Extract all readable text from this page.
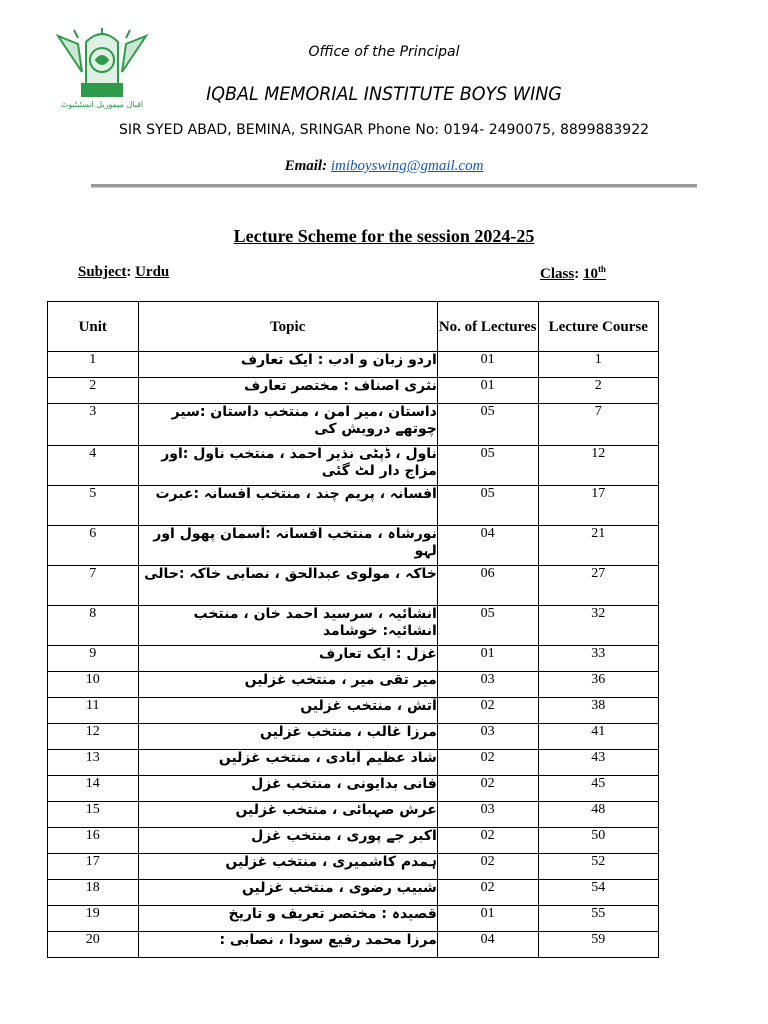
اقبال میموریل انسٹیٹیوٹ
Office of the Principal
IQBAL MEMORIAL INSTITUTE BOYS WING
SIR SYED ABAD, BEMINA, SRINGAR Phone No: 0194- 2490075, 8899883922
Email: imiboyswing@gmail.com
Lecture Scheme for the session 2024-25
Subject: Urdu	Class: 10th
Unit	Topic	No. of Lectures	Lecture Course
1	اردو زبان و ادب : ایک تعارف	01	1
2	نثری اصناف : مختصر تعارف	01	2
3	داستان ،میر امن ، منتخب داستان :سیر چوتھے درویش کی	05	7
4	ناول ، ڈپٹی نذیر احمد ، منتخب ناول :اور مزاج دار لٹ گئی	05	12
5	افسانہ ، پریم چند ، منتخب افسانہ :عبرت	05	17
6	نورشاہ ، منتخب افسانہ :آسمان پھول اور لہو	04	21
7	خاکہ ، مولوی عبدالحق ، نصابی خاکہ :حالی	06	27
8	انشائیہ ، سرسید احمد خان ، منتخب انشائیہ: خوشامد	05	32
9	غزل : ایک تعارف	01	33
10	میر تقی میر ، منتخب غزلیں	03	36
11	آتش ، منتخب غزلیں	02	38
12	مرزا غالب ، منتخب غزلیں	03	41
13	شاد عظیم آبادی ، منتخب غزلیں	02	43
14	فانی بدایونی ، منتخب غزل	02	45
15	عرش صہبائی ، منتخب غزلیں	03	48
16	اکبر جے پوری ، منتخب غزل	02	50
17	ہمدم کاشمیری ، منتخب غزلیں	02	52
18	شبیب رضوی ، منتخب غزلیں	02	54
19	قصیدہ : مختصر تعریف و تاریخ	01	55
20	مرزا محمد رفیع سودا ، نصابی :	04	59
